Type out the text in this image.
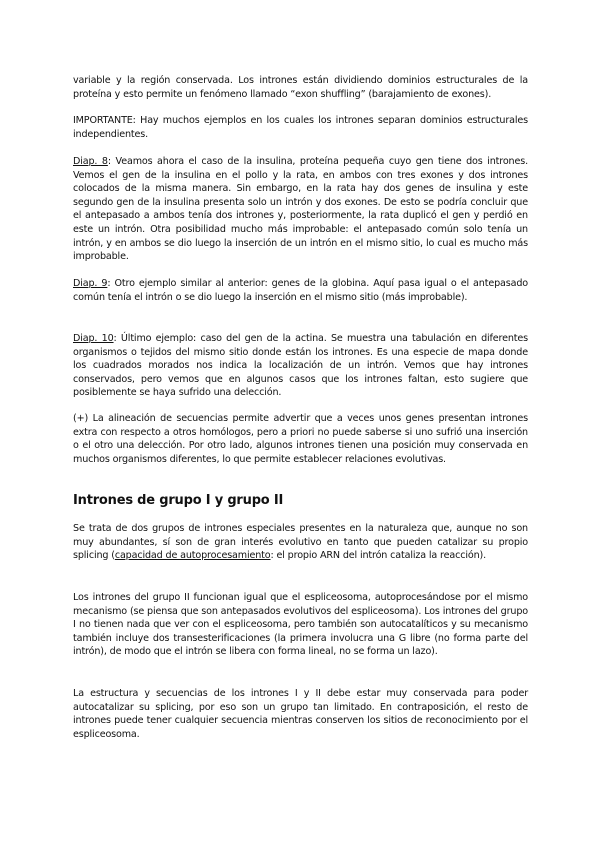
variable y la región conservada. Los intrones están dividiendo dominios estructurales de la proteína y esto permite un fenómeno llamado “exon shuffling” (barajamiento de exones).

IMPORTANTE: Hay muchos ejemplos en los cuales los intrones separan dominios estructurales independientes.

Diap. 8: Veamos ahora el caso de la insulina, proteína pequeña cuyo gen tiene dos intrones. Vemos el gen de la insulina en el pollo y la rata, en ambos con tres exones y dos intrones colocados de la misma manera. Sin embargo, en la rata hay dos genes de insulina y este segundo gen de la insulina presenta solo un intrón y dos exones. De esto se podría concluir que el antepasado a ambos tenía dos intrones y, posteriormente, la rata duplicó el gen y perdió en este un intrón. Otra posibilidad mucho más improbable: el antepasado común solo tenía un intrón, y en ambos se dio luego la inserción de un intrón en el mismo sitio, lo cual es mucho más improbable.

Diap. 9: Otro ejemplo similar al anterior: genes de la globina. Aquí pasa igual o el antepasado común tenía el intrón o se dio luego la inserción en el mismo sitio (más improbable).

Diap. 10: Último ejemplo: caso del gen de la actina. Se muestra una tabulación en diferentes organismos o tejidos del mismo sitio donde están los intrones. Es una especie de mapa donde los cuadrados morados nos indica la localización de un intrón. Vemos que hay intrones conservados, pero vemos que en algunos casos que los intrones faltan, esto sugiere que posiblemente se haya sufrido una delección.

(+) La alineación de secuencias permite advertir que a veces unos genes presentan intrones extra con respecto a otros homólogos, pero a priori no puede saberse si uno sufrió una inserción o el otro una delección. Por otro lado, algunos intrones tienen una posición muy conservada en muchos organismos diferentes, lo que permite establecer relaciones evolutivas.

Intrones de grupo I y grupo II

Se trata de dos grupos de intrones especiales presentes en la naturaleza que, aunque no son muy abundantes, sí son de gran interés evolutivo en tanto que pueden catalizar su propio splicing (capacidad de autoprocesamiento: el propio ARN del intrón cataliza la reacción).

Los intrones del grupo II funcionan igual que el espliceosoma, autoprocesándose por el mismo mecanismo (se piensa que son antepasados evolutivos del espliceosoma). Los intrones del grupo I no tienen nada que ver con el espliceosoma, pero también son autocatalíticos y su mecanismo también incluye dos transesterificaciones (la primera involucra una G libre (no forma parte del intrón), de modo que el intrón se libera con forma lineal, no se forma un lazo).

La estructura y secuencias de los intrones I y II debe estar muy conservada para poder autocatalizar su splicing, por eso son un grupo tan limitado. En contraposición, el resto de intrones puede tener cualquier secuencia mientras conserven los sitios de reconocimiento por el espliceosoma.
